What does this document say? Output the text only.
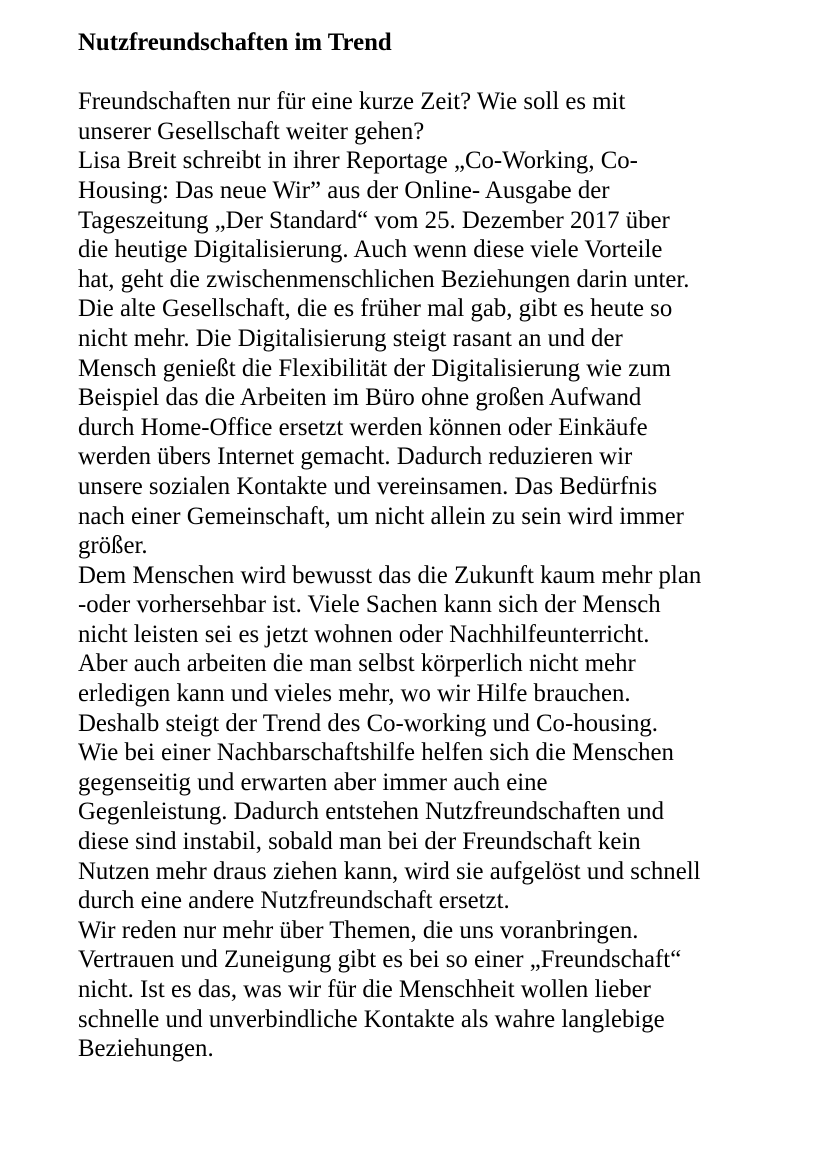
Nutzfreundschaften im Trend
Freundschaften nur für eine kurze Zeit? Wie soll es mit
unserer Gesellschaft weiter gehen?
Lisa Breit schreibt in ihrer Reportage „Co-Working, Co-
Housing: Das neue Wir” aus der Online- Ausgabe der
Tageszeitung „Der Standard“ vom 25. Dezember 2017 über
die heutige Digitalisierung. Auch wenn diese viele Vorteile
hat, geht die zwischenmenschlichen Beziehungen darin unter.
Die alte Gesellschaft, die es früher mal gab, gibt es heute so
nicht mehr. Die Digitalisierung steigt rasant an und der
Mensch genießt die Flexibilität der Digitalisierung wie zum
Beispiel das die Arbeiten im Büro ohne großen Aufwand
durch Home-Office ersetzt werden können oder Einkäufe
werden übers Internet gemacht. Dadurch reduzieren wir
unsere sozialen Kontakte und vereinsamen. Das Bedürfnis
nach einer Gemeinschaft, um nicht allein zu sein wird immer
größer.
Dem Menschen wird bewusst das die Zukunft kaum mehr plan
-oder vorhersehbar ist. Viele Sachen kann sich der Mensch
nicht leisten sei es jetzt wohnen oder Nachhilfeunterricht.
Aber auch arbeiten die man selbst körperlich nicht mehr
erledigen kann und vieles mehr, wo wir Hilfe brauchen.
Deshalb steigt der Trend des Co-working und Co-housing.
Wie bei einer Nachbarschaftshilfe helfen sich die Menschen
gegenseitig und erwarten aber immer auch eine
Gegenleistung. Dadurch entstehen Nutzfreundschaften und
diese sind instabil, sobald man bei der Freundschaft kein
Nutzen mehr draus ziehen kann, wird sie aufgelöst und schnell
durch eine andere Nutzfreundschaft ersetzt.
Wir reden nur mehr über Themen, die uns voranbringen.
Vertrauen und Zuneigung gibt es bei so einer „Freundschaft“
nicht. Ist es das, was wir für die Menschheit wollen lieber
schnelle und unverbindliche Kontakte als wahre langlebige
Beziehungen.
